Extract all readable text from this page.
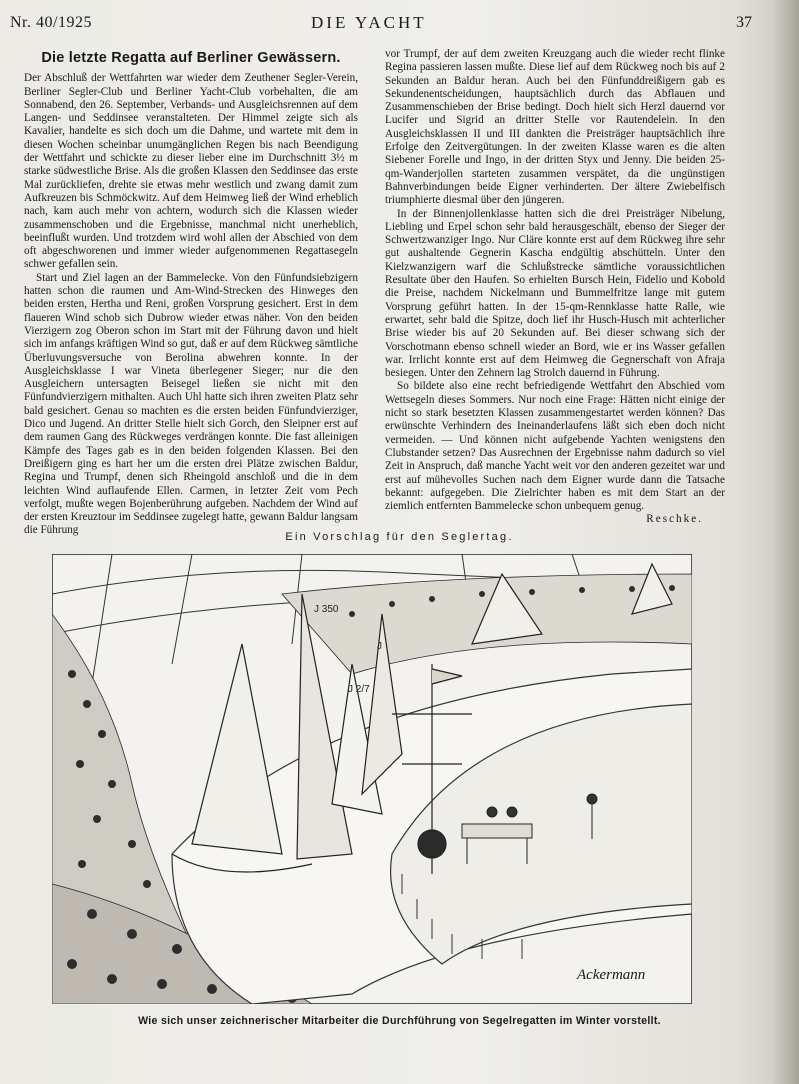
Nr. 40/1925	DIE YACHT	37
Die letzte Regatta auf Berliner Gewässern.

Der Abschluß der Wettfahrten war wieder dem Zeuthener Segler-Verein, Berliner Segler-Club und Berliner Yacht-Club vorbehalten, die am Sonnabend, den 26. September, Verbands- und Ausgleichsrennen auf dem Langen- und Seddinsee veranstalteten. Der Himmel zeigte sich als Kavalier, handelte es sich doch um die Dahme, und wartete mit dem in diesen Wochen scheinbar unumgänglichen Regen bis nach Beendigung der Wettfahrt und schickte zu dieser lieber eine im Durchschnitt 3½ m starke südwestliche Brise. Als die großen Klassen den Seddinsee das erste Mal zurückliefen, drehte sie etwas mehr westlich und zwang damit zum Aufkreuzen bis Schmöckwitz. Auf dem Heimweg ließ der Wind erheblich nach, kam auch mehr von achtern, wodurch sich die Klassen wieder zusammenschoben und die Ergebnisse, manchmal nicht unerheblich, beeinflußt wurden. Und trotzdem wird wohl allen der Abschied von dem oft abgeschworenen und immer wieder aufgenommenen Regattasegeln schwer gefallen sein.

Start und Ziel lagen an der Bammelecke. Von den Fünfundsiebzigern hatten schon die raumen und Am-Wind-Strecken des Hinweges den beiden ersten, Hertha und Reni, großen Vorsprung gesichert. Erst in dem flaueren Wind schob sich Dubrow wieder etwas näher. Von den beiden Vierzigern zog Oberon schon im Start mit der Führung davon und hielt sich im anfangs kräftigen Wind so gut, daß er auf dem Rückweg sämtliche Überluvungsversuche von Berolina abwehren konnte. In der Ausgleichsklasse I war Vineta überlegener Sieger; nur die den Ausgleichern untersagten Beisegel ließen sie nicht mit den Fünfundvierzigern mithalten. Auch Uhl hatte sich ihren zweiten Platz sehr bald gesichert. Genau so machten es die ersten beiden Fünfundvierziger, Dico und Jugend. An dritter Stelle hielt sich Gorch, den Sleipner erst auf dem raumen Gang des Rückweges verdrängen konnte. Die fast alleinigen Kämpfe des Tages gab es in den beiden folgenden Klassen. Bei den Dreißigern ging es hart her um die ersten drei Plätze zwischen Baldur, Regina und Trumpf, denen sich Rheingold anschloß und die in dem leichten Wind auflaufende Ellen. Carmen, in letzter Zeit vom Pech verfolgt, mußte wegen Bojenberührung aufgeben. Nachdem der Wind auf der ersten Kreuztour im Seddinsee zugelegt hatte, gewann Baldur langsam die Führung

vor Trumpf, der auf dem zweiten Kreuzgang auch die wieder recht flinke Regina passieren lassen mußte. Diese lief auf dem Rückweg noch bis auf 2 Sekunden an Baldur heran. Auch bei den Fünfunddreißigern gab es Sekundenentscheidungen, hauptsächlich durch das Abflauen und Zusammenschieben der Brise bedingt. Doch hielt sich Herzl dauernd vor Lucifer und Sigrid an dritter Stelle vor Rautendelein. In den Ausgleichsklassen II und III dankten die Preisträger hauptsächlich ihre Erfolge den Zeitvergütungen. In der zweiten Klasse waren es die alten Siebener Forelle und Ingo, in der dritten Styx und Jenny. Die beiden 25-qm-Wanderjollen starteten zusammen verspätet, da die ungünstigen Bahnverbindungen beide Eigner verhinderten. Der ältere Zwiebelfisch triumphierte diesmal über den jüngeren.

In der Binnenjollenklasse hatten sich die drei Preisträger Nibelung, Liebling und Erpel schon sehr bald herausgeschält, ebenso der Sieger der Schwertzwanziger Ingo. Nur Cläre konnte erst auf dem Rückweg ihre sehr gut aushaltende Gegnerin Kascha endgültig abschütteln. Unter den Kielzwanzigern warf die Schlußstrecke sämtliche voraussichtlichen Resultate über den Haufen. So erhielten Bursch Hein, Fidelio und Kobold die Preise, nachdem Nickelmann und Bummelfritze lange mit gutem Vorsprung geführt hatten. In der 15-qm-Rennklasse hatte Ralle, wie erwartet, sehr bald die Spitze, doch lief ihr Husch-Husch mit achterlicher Brise wieder bis auf 20 Sekunden auf. Bei dieser schwang sich der Vorschotmann ebenso schnell wieder an Bord, wie er ins Wasser gefallen war. Irrlicht konnte erst auf dem Heimweg die Gegnerschaft von Afraja besiegen. Unter den Zehnern lag Strolch dauernd in Führung.

So bildete also eine recht befriedigende Wettfahrt den Abschied vom Wettsegeln dieses Sommers. Nur noch eine Frage: Hätten nicht einige der nicht so stark besetzten Klassen zusammengestartet werden können? Das erwünschte Verhindern des Ineinanderlaufens läßt sich eben doch nicht vermeiden. — Und können nicht aufgebende Yachten wenigstens den Clubstander setzen? Das Ausrechnen der Ergebnisse nahm dadurch so viel Zeit in Anspruch, daß manche Yacht weit vor den anderen gezeitet war und erst auf mühevolles Suchen nach dem Eigner wurde dann die Tatsache bekannt: aufgegeben. Die Zielrichter haben es mit dem Start an der ziemlich entfernten Bammelecke schon unbequem genug.

Reschke.
Ein Vorschlag für den Seglertag.
J 350
J 2/7
J
Ackermann
Wie sich unser zeichnerischer Mitarbeiter die Durchführung von Segelregatten im Winter vorstellt.
